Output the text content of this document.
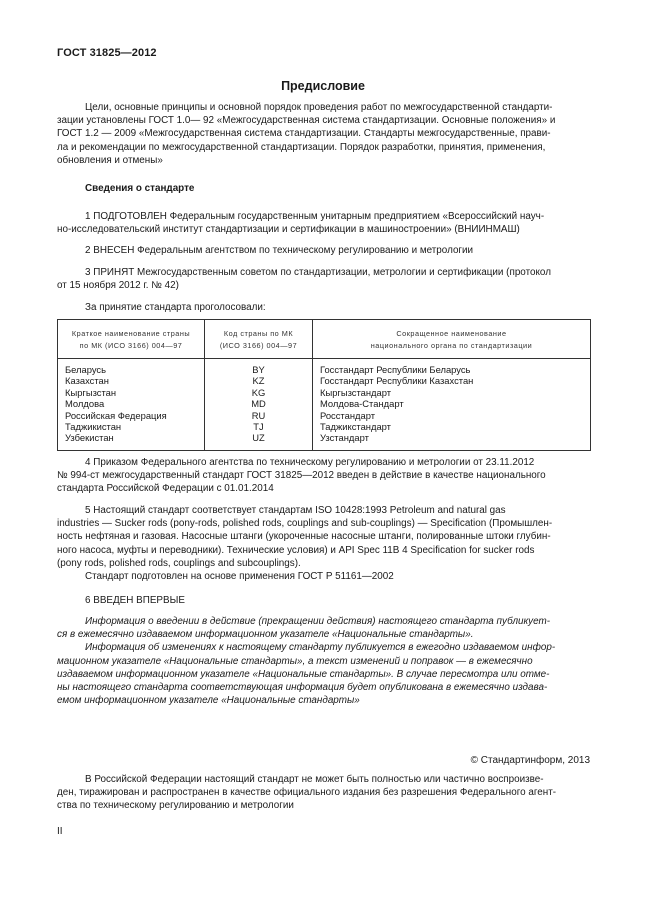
ГОСТ 31825—2012
Предисловие
Цели, основные принципы и основной порядок проведения работ по межгосударственной стандарти-
зации установлены ГОСТ 1.0— 92 «Межгосударственная система стандартизации. Основные положения» и
ГОСТ 1.2 — 2009 «Межгосударственная система стандартизации. Стандарты межгосударственные, прави-
ла и рекомендации по межгосударственной стандартизации. Порядок разработки, принятия, применения,
обновления и отмены»
Сведения о стандарте
1 ПОДГОТОВЛЕН Федеральным государственным унитарным предприятием «Всероссийский науч-
но-исследовательский институт стандартизации и сертификации в машиностроении» (ВНИИНМАШ)
2 ВНЕСЕН Федеральным агентством по техническому регулированию и метрологии
3 ПРИНЯТ Межгосударственным советом по стандартизации, метрологии и сертификации (протокол
от 15 ноября 2012 г. № 42)
За принятие стандарта проголосовали:
Краткое наименование страны
по МК (ИСО 3166) 004—97
Код страны по МК
(ИСО 3166) 004—97
Сокращенное наименование
национального органа по стандартизации
Беларусь
Казахстан
Кыргызстан
Молдова
Российская Федерация
Таджикистан
Узбекистан
BY
KZ
KG
MD
RU
TJ
UZ
Госстандарт Республики Беларусь
Госстандарт Республики Казахстан
Кыргызстандарт
Молдова-Стандарт
Росстандарт
Таджикстандарт
Узстандарт
4 Приказом Федерального агентства по техническому регулированию и метрологии от 23.11.2012
№ 994-ст межгосударственный стандарт ГОСТ 31825—2012 введен в действие в качестве национального
стандарта Российской Федерации с 01.01.2014
5 Настоящий стандарт соответствует стандартам ISO 10428:1993 Petroleum and natural gas
industries — Sucker rods (pony-rods, polished rods, couplings and sub-couplings) — Specification (Промышлен-
ность нефтяная и газовая. Насосные штанги (укороченные насосные штанги, полированные штоки глубин-
ного насоса, муфты и переводники). Технические условия) и API Spec 11B 4 Specification for sucker rods
(pony rods, polished rods, couplings and subcouplings).
Стандарт подготовлен на основе применения ГОСТ Р 51161—2002
6 ВВЕДЕН ВПЕРВЫЕ
Информация о введении в действие (прекращении действия) настоящего стандарта публикует-
ся в ежемесячно издаваемом информационном указателе «Национальные стандарты».
Информация об изменениях к настоящему стандарту публикуется в ежегодно издаваемом инфор-
мационном указателе «Национальные стандарты», а текст изменений и поправок — в ежемесячно
издаваемом информационном указателе «Национальные стандарты». В случае пересмотра или отме-
ны настоящего стандарта соответствующая информация будет опубликована в ежемесячно издава-
емом информационном указателе «Национальные стандарты»
© Стандартинформ, 2013
В Российской Федерации настоящий стандарт не может быть полностью или частично воспроизве-
ден, тиражирован и распространен в качестве официального издания без разрешения Федерального агент-
ства по техническому регулированию и метрологии
II
